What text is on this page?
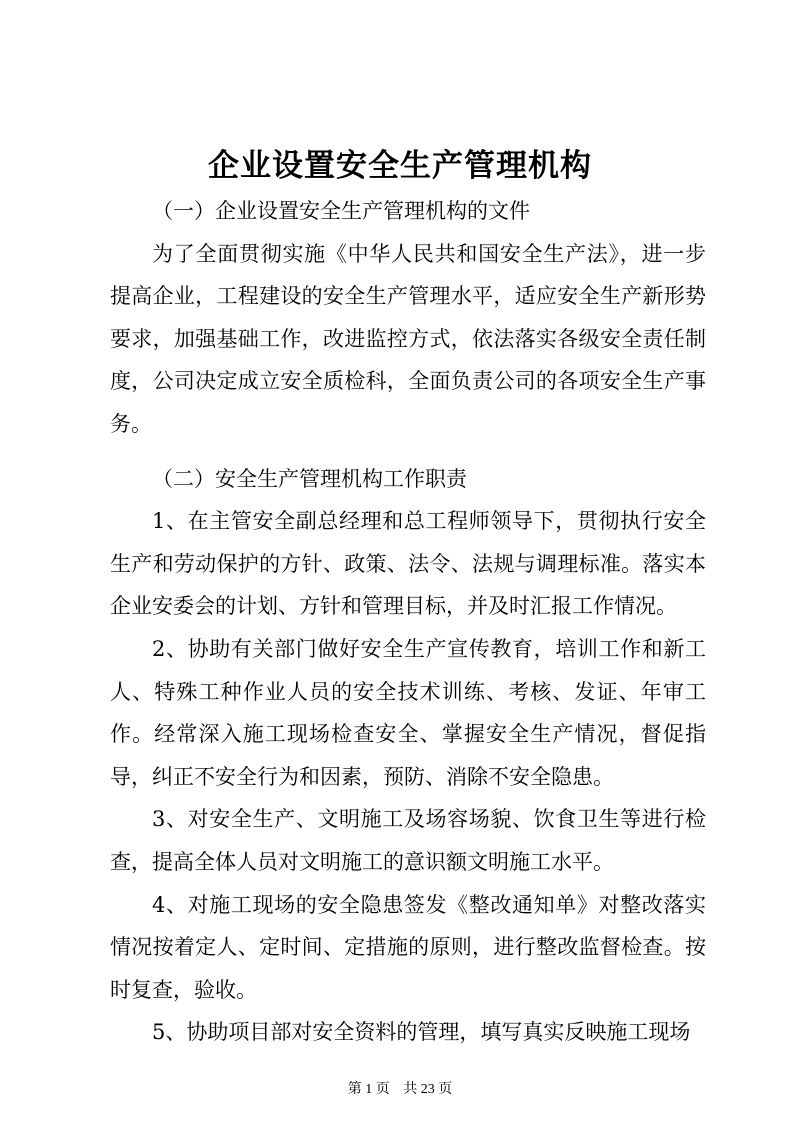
企业设置安全生产管理机构

（一）企业设置安全生产管理机构的文件

为了全面贯彻实施《中华人民共和国安全生产法》，进一步提高企业，工程建设的安全生产管理水平，适应安全生产新形势要求，加强基础工作，改进监控方式，依法落实各级安全责任制度，公司决定成立安全质检科，全面负责公司的各项安全生产事务。

（二）安全生产管理机构工作职责

1、在主管安全副总经理和总工程师领导下，贯彻执行安全生产和劳动保护的方针、政策、法令、法规与调理标准。落实本企业安委会的计划、方针和管理目标，并及时汇报工作情况。

2、协助有关部门做好安全生产宣传教育，培训工作和新工人、特殊工种作业人员的安全技术训练、考核、发证、年审工作。经常深入施工现场检查安全、掌握安全生产情况，督促指导，纠正不安全行为和因素，预防、消除不安全隐患。

3、对安全生产、文明施工及场容场貌、饮食卫生等进行检查，提高全体人员对文明施工的意识额文明施工水平。

4、对施工现场的安全隐患签发《整改通知单》对整改落实情况按着定人、定时间、定措施的原则，进行整改监督检查。按时复查，验收。

5、协助项目部对安全资料的管理，填写真实反映施工现场

第 1 页 共 23 页
